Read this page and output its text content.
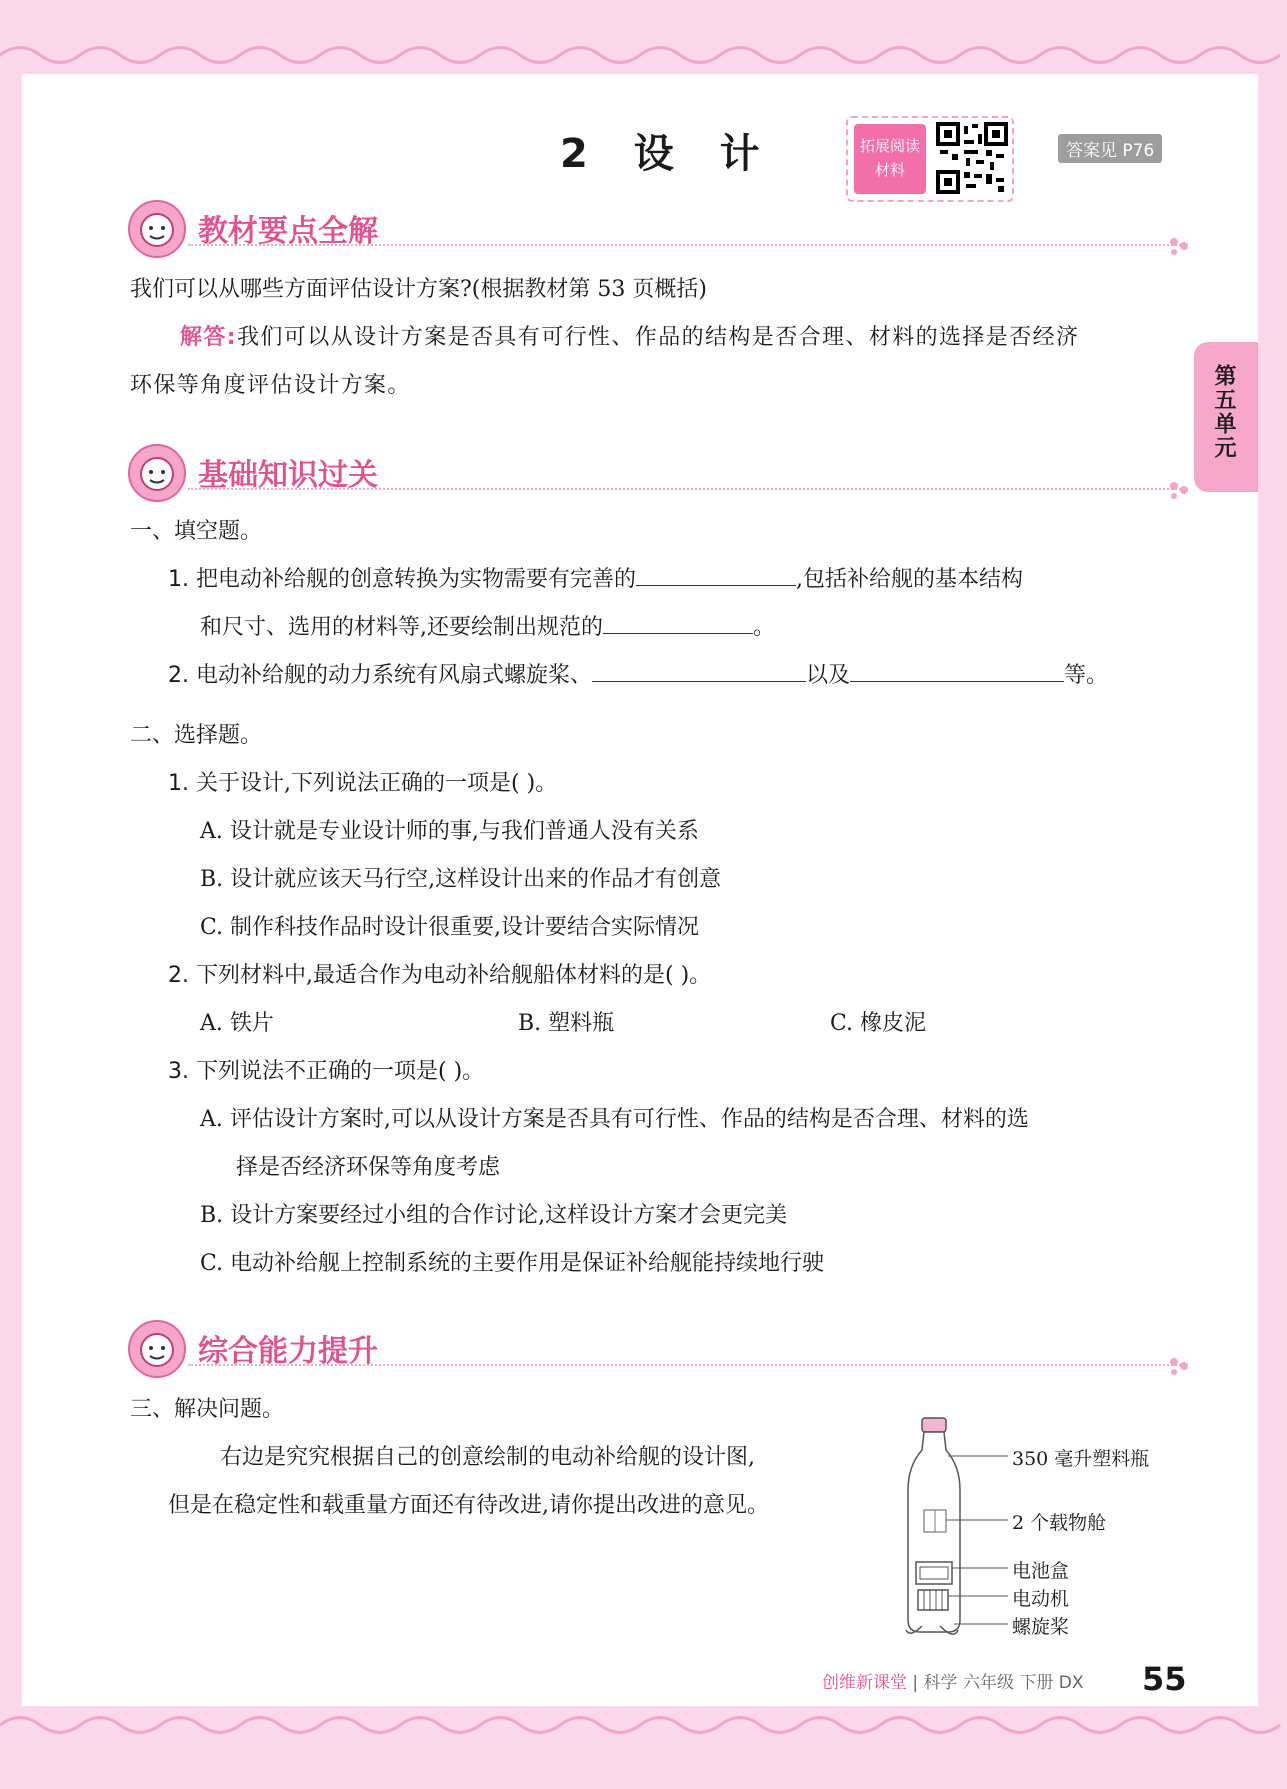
2 设 计	拓展阅读
材料
答案见 P76
第五单元
教材要点全解
我们可以从哪些方面评估设计方案?(根据教材第 53 页概括)
解答:我们可以从设计方案是否具有可行性、作品的结构是否合理、材料的选择是否经济
环保等角度评估设计方案。
基础知识过关
一、填空题。
1. 把电动补给舰的创意转换为实物需要有完善的	,包括补给舰的基本结构
和尺寸、选用的材料等,还要绘制出规范的	。
2. 电动补给舰的动力系统有风扇式螺旋桨、	以及	等。
二、选择题。
1. 关于设计,下列说法正确的一项是( )。
A. 设计就是专业设计师的事,与我们普通人没有关系
B. 设计就应该天马行空,这样设计出来的作品才有创意
C. 制作科技作品时设计很重要,设计要结合实际情况
2. 下列材料中,最适合作为电动补给舰船体材料的是( )。
A. 铁片	B. 塑料瓶	C. 橡皮泥
3. 下列说法不正确的一项是( )。
A. 评估设计方案时,可以从设计方案是否具有可行性、作品的结构是否合理、材料的选
择是否经济环保等角度考虑
B. 设计方案要经过小组的合作讨论,这样设计方案才会更完美
C. 电动补给舰上控制系统的主要作用是保证补给舰能持续地行驶
综合能力提升
三、解决问题。
右边是究究根据自己的创意绘制的电动补给舰的设计图,
但是在稳定性和载重量方面还有待改进,请你提出改进的意见。
350 毫升塑料瓶
2 个载物舱
电池盒
电动机
螺旋桨
创维新课堂 | 科学 六年级 下册 DX 55
